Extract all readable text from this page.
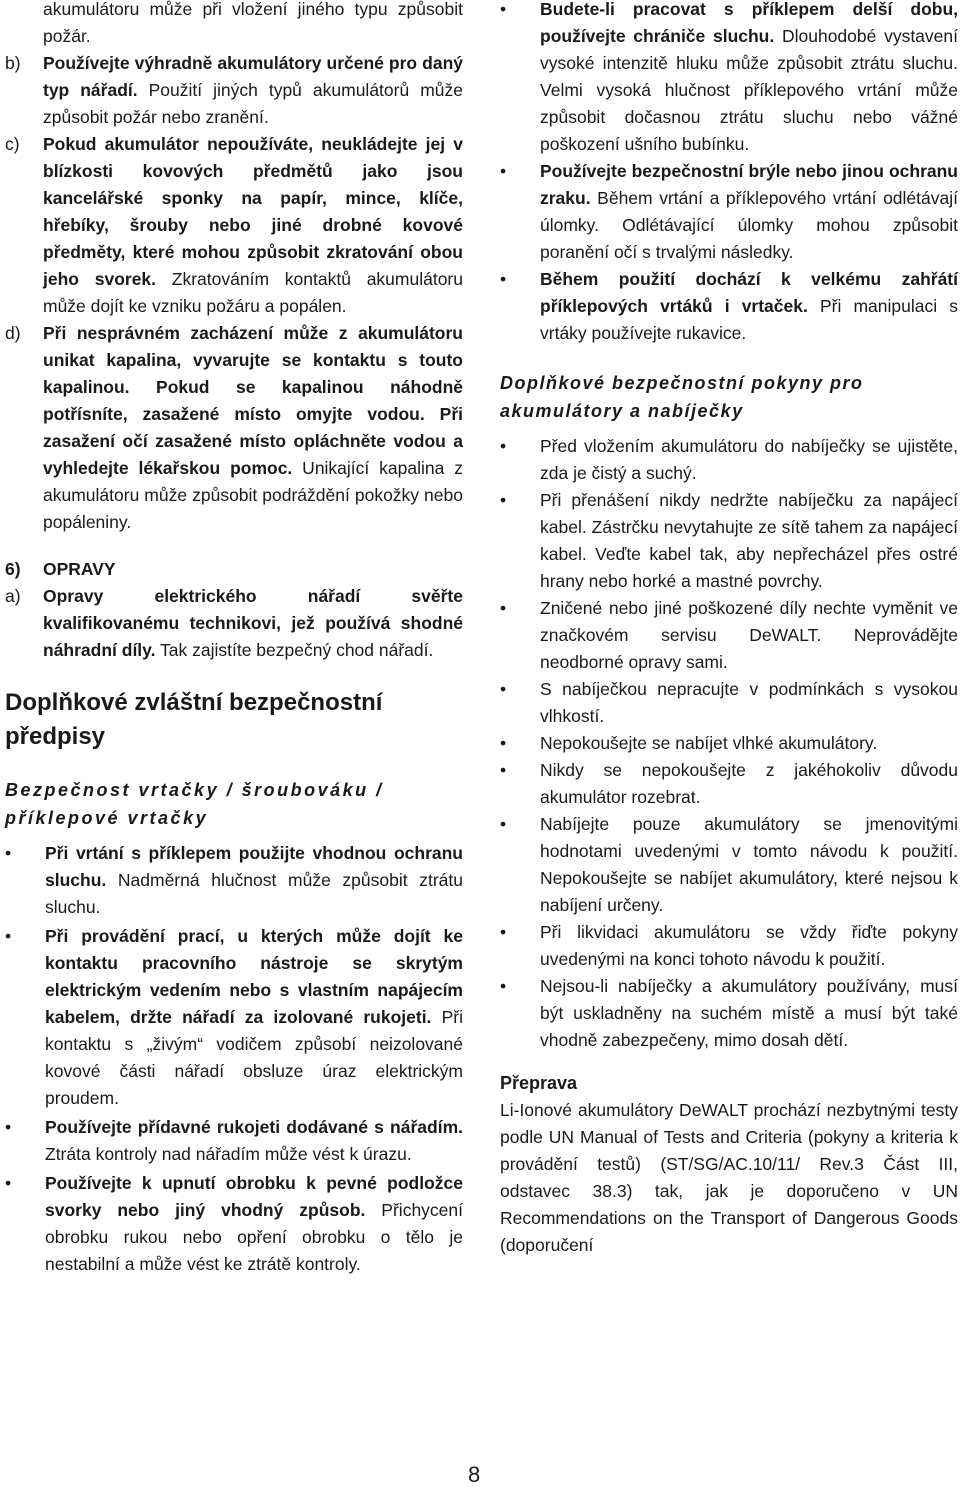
akumulátoru může při vložení jiného typu způsobit požár.
b) Používejte výhradně akumulátory určené pro daný typ nářadí. Použití jiných typů akumulátorů může způsobit požár nebo zranění.
c) Pokud akumulátor nepoužíváte, neukládejte jej v blízkosti kovových předmětů jako jsou kancelářské sponky na papír, mince, klíče, hřebíky, šrouby nebo jiné drobné kovové předměty, které mohou způsobit zkratování obou jeho svorek. Zkratováním kontaktů akumulátoru může dojít ke vzniku požáru a popálen.
d) Při nesprávném zacházení může z akumulátoru unikat kapalina, vyvarujte se kontaktu s touto kapalinou. Pokud se kapalinou náhodně potřísníte, zasažené místo omyjte vodou. Při zasažení očí zasažené místo opláchněte vodou a vyhledejte lékařskou pomoc. Unikající kapalina z akumulátoru může způsobit podráždění pokožky nebo popáleniny.
6) OPRAVY
a) Opravy elektrického nářadí svěřte kvalifikovanému technikovi, jež používá shodné náhradní díly. Tak zajistíte bezpečný chod nářadí.
Doplňkové zvláštní bezpečnostní předpisy
Bezpečnost vrtačky / šroubováku / příklepové vrtačky
• Při vrtání s příklepem použijte vhodnou ochranu sluchu. Nadměrná hlučnost může způsobit ztrátu sluchu.
• Při provádění prací, u kterých může dojít ke kontaktu pracovního nástroje se skrytým elektrickým vedením nebo s vlastním napájecím kabelem, držte nářadí za izolované rukojeti. Při kontaktu s „živým“ vodičem způsobí neizolované kovové části nářadí obsluze úraz elektrickým proudem.
• Používejte přídavné rukojeti dodávané s nářadím. Ztráta kontroly nad nářadím může vést k úrazu.
• Používejte k upnutí obrobku k pevné podložce svorky nebo jiný vhodný způsob. Přichycení obrobku rukou nebo opření obrobku o tělo je nestabilní a může vést ke ztrátě kontroly.
• Budete-li pracovat s příklepem delší dobu, používejte chrániče sluchu. Dlouhodobé vystavení vysoké intenzitě hluku může způsobit ztrátu sluchu. Velmi vysoká hlučnost příklepového vrtání může způsobit dočasnou ztrátu sluchu nebo vážné poškození ušního bubínku.
• Používejte bezpečnostní brýle nebo jinou ochranu zraku. Během vrtání a příklepového vrtání odlétávají úlomky. Odlétávající úlomky mohou způsobit poranění očí s trvalými následky.
• Během použití dochází k velkému zahřátí příklepových vrtáků i vrtaček. Při manipulaci s vrtáky používejte rukavice.
Doplňkové bezpečnostní pokyny pro akumulátory a nabíječky
• Před vložením akumulátoru do nabíječky se ujistěte, zda je čistý a suchý.
• Při přenášení nikdy nedržte nabíječku za napájecí kabel. Zástrčku nevytahujte ze sítě tahem za napájecí kabel. Veďte kabel tak, aby nepřecházel přes ostré hrany nebo horké a mastné povrchy.
• Zničené nebo jiné poškozené díly nechte vyměnit ve značkovém servisu DeWALT. Neprovádějte neodborné opravy sami.
• S nabíječkou nepracujte v podmínkách s vysokou vlhkostí.
• Nepokoušejte se nabíjet vlhké akumulátory.
• Nikdy se nepokoušejte z jakéhokoliv důvodu akumulátor rozebrat.
• Nabíjejte pouze akumulátory se jmenovitými hodnotami uvedenými v tomto návodu k použití. Nepokoušejte se nabíjet akumulátory, které nejsou k nabíjení určeny.
• Při likvidaci akumulátoru se vždy řiďte pokyny uvedenými na konci tohoto návodu k použití.
• Nejsou-li nabíječky a akumulátory používány, musí být uskladněny na suchém místě a musí být také vhodně zabezpečeny, mimo dosah dětí.
Přeprava
Li-Ionové akumulátory DeWALT prochází nezbytnými testy podle UN Manual of Tests and Criteria (pokyny a kriteria k provádění testů) (ST/SG/AC.10/11/ Rev.3 Část III, odstavec 38.3) tak, jak je doporučeno v UN Recommendations on the Transport of Dangerous Goods (doporučení
8
